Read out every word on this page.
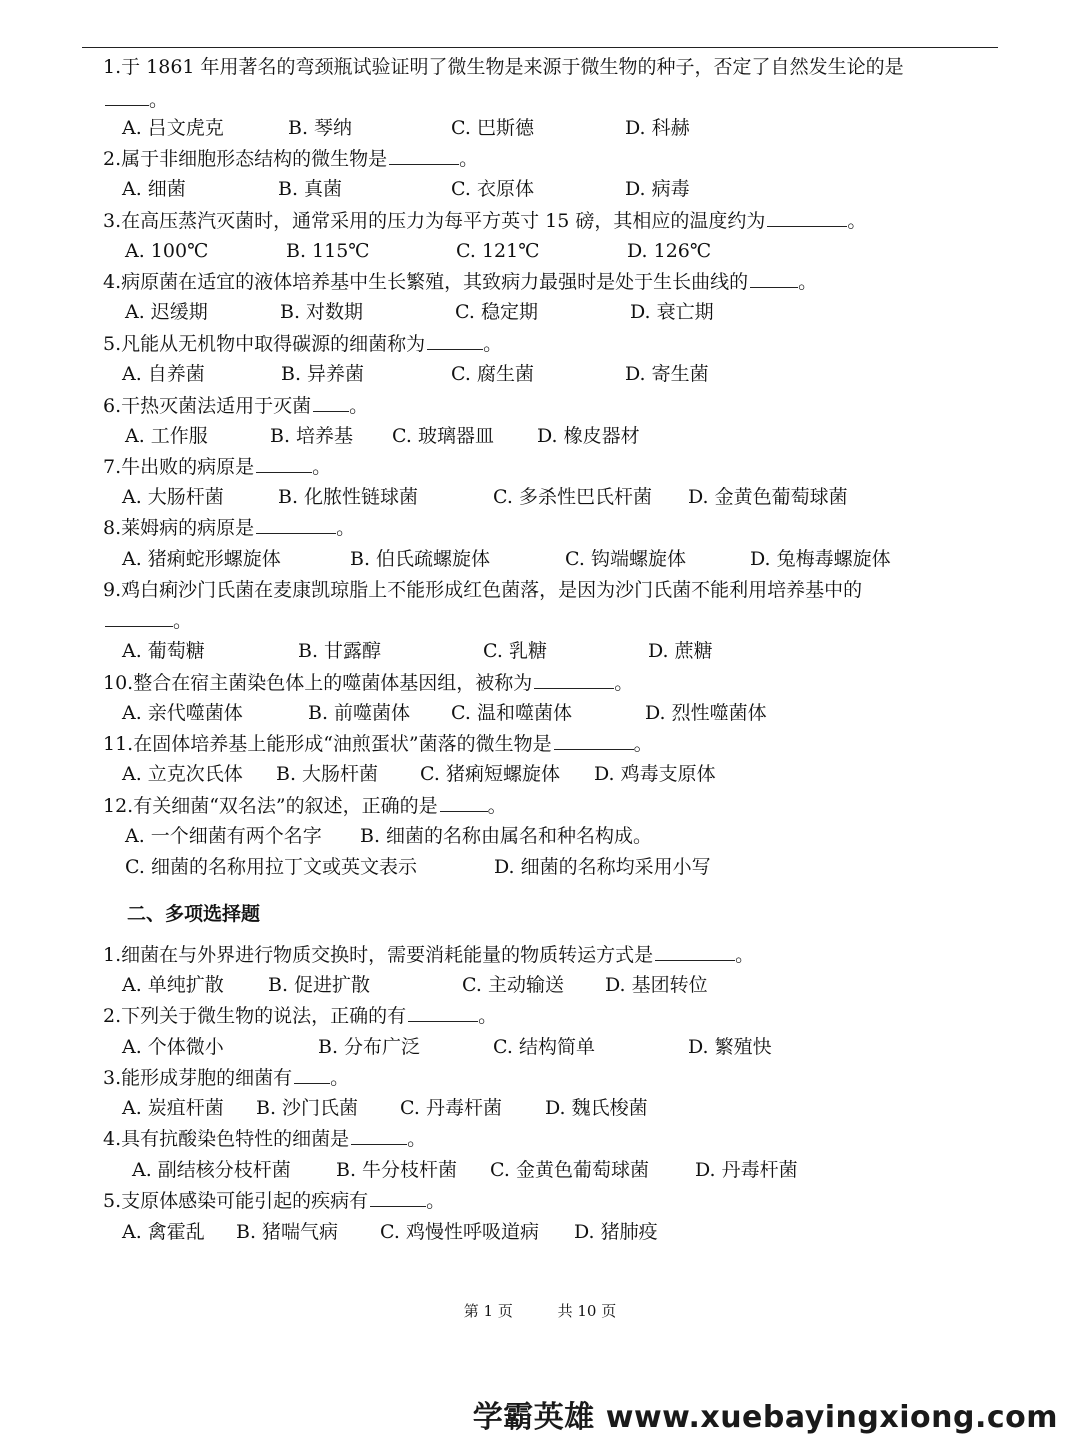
1.于 1861 年用著名的弯颈瓶试验证明了微生物是来源于微生物的种子，否定了自然发生论的是
。
A. 吕文虎克	B. 琴纳	C. 巴斯德	D. 科赫
2.属于非细胞形态结构的微生物是	。
A. 细菌	B. 真菌	C. 衣原体	D. 病毒
3.在高压蒸汽灭菌时，通常采用的压力为每平方英寸 15 磅，其相应的温度约为	。
A. 100℃	B. 115℃	C. 121℃	D. 126℃
4.病原菌在适宜的液体培养基中生长繁殖，其致病力最强时是处于生长曲线的	。
A. 迟缓期	B. 对数期	C. 稳定期	D. 衰亡期
5.凡能从无机物中取得碳源的细菌称为	。
A. 自养菌	B. 异养菌	C. 腐生菌	D. 寄生菌
6.干热灭菌法适用于灭菌 。
A. 工作服	B. 培养基 C. 玻璃器皿 D. 橡皮器材
7.牛出败的病原是	。
A. 大肠杆菌	B. 化脓性链球菌	C. 多杀性巴氏杆菌 D. 金黄色葡萄球菌
8.莱姆病的病原是	。
A. 猪痢蛇形螺旋体	B. 伯氏疏螺旋体	C. 钩端螺旋体	D. 兔梅毒螺旋体
9.鸡白痢沙门氏菌在麦康凯琼脂上不能形成红色菌落，是因为沙门氏菌不能利用培养基中的
。
A. 葡萄糖	B. 甘露醇	C. 乳糖	D. 蔗糖
10.整合在宿主菌染色体上的噬菌体基因组，被称为	。
A. 亲代噬菌体	B. 前噬菌体 C. 温和噬菌体	D. 烈性噬菌体
11.在固体培养基上能形成“油煎蛋状”菌落的微生物是	。
A. 立克次氏体 B. 大肠杆菌 C. 猪痢短螺旋体 D. 鸡毒支原体
12.有关细菌“双名法”的叙述，正确的是	。
A. 一个细菌有两个名字 B. 细菌的名称由属名和种名构成。
C. 细菌的名称用拉丁文或英文表示	D. 细菌的名称均采用小写
二、多项选择题
1.细菌在与外界进行物质交换时，需要消耗能量的物质转运方式是	。
A. 单纯扩散 B. 促进扩散	C. 主动输送 D. 基团转位
2.下列关于微生物的说法，正确的有	。
A. 个体微小	B. 分布广泛	C. 结构简单	D. 繁殖快
3.能形成芽胞的细菌有 。
A. 炭疽杆菌 B. 沙门氏菌 C. 丹毒杆菌 D. 魏氏梭菌
4.具有抗酸染色特性的细菌是	。
A. 副结核分枝杆菌 B. 牛分枝杆菌 C. 金黄色葡萄球菌 D. 丹毒杆菌
5.支原体感染可能引起的疾病有	。
A. 禽霍乱 B. 猪喘气病 C. 鸡慢性呼吸道病 D. 猪肺疫
第 1 页	共 10 页
学霸英雄 www.xuebayingxiong.com
